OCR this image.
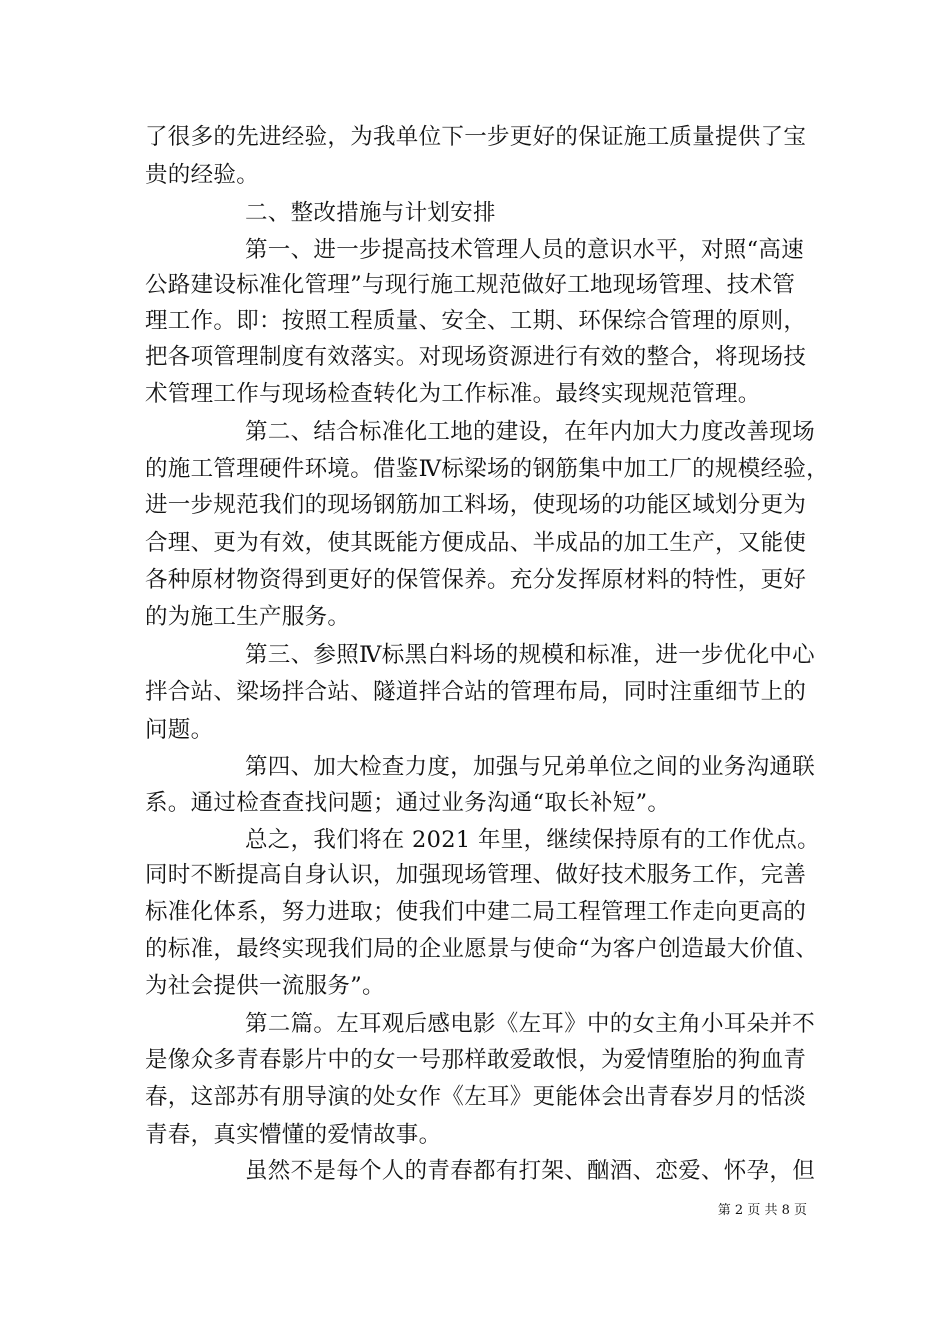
了很多的先进经验，为我单位下一步更好的保证施工质量提供了宝
贵的经验。
二、整改措施与计划安排
第一、进一步提高技术管理人员的意识水平，对照“高速
公路建设标准化管理”与现行施工规范做好工地现场管理、技术管
理工作。即：按照工程质量、安全、工期、环保综合管理的原则，
把各项管理制度有效落实。对现场资源进行有效的整合，将现场技
术管理工作与现场检查转化为工作标准。最终实现规范管理。
第二、结合标准化工地的建设，在年内加大力度改善现场
的施工管理硬件环境。借鉴Ⅳ标梁场的钢筋集中加工厂的规模经验，
进一步规范我们的现场钢筋加工料场，使现场的功能区域划分更为
合理、更为有效，使其既能方便成品、半成品的加工生产，又能使
各种原材物资得到更好的保管保养。充分发挥原材料的特性，更好
的为施工生产服务。
第三、参照Ⅳ标黑白料场的规模和标准，进一步优化中心
拌合站、梁场拌合站、隧道拌合站的管理布局，同时注重细节上的
问题。
第四、加大检查力度，加强与兄弟单位之间的业务沟通联
系。通过检查查找问题；通过业务沟通“取长补短”。
总之，我们将在 2021 年里，继续保持原有的工作优点。
同时不断提高自身认识，加强现场管理、做好技术服务工作，完善
标准化体系，努力进取；使我们中建二局工程管理工作走向更高的
的标准，最终实现我们局的企业愿景与使命“为客户创造最大价值、
为社会提供一流服务”。
第二篇。左耳观后感电影《左耳》中的女主角小耳朵并不
是像众多青春影片中的女一号那样敢爱敢恨，为爱情堕胎的狗血青
春，这部苏有朋导演的处女作《左耳》更能体会出青春岁月的恬淡
青春，真实懵懂的爱情故事。
虽然不是每个人的青春都有打架、酗酒、恋爱、怀孕，但
第 2 页 共 8 页
